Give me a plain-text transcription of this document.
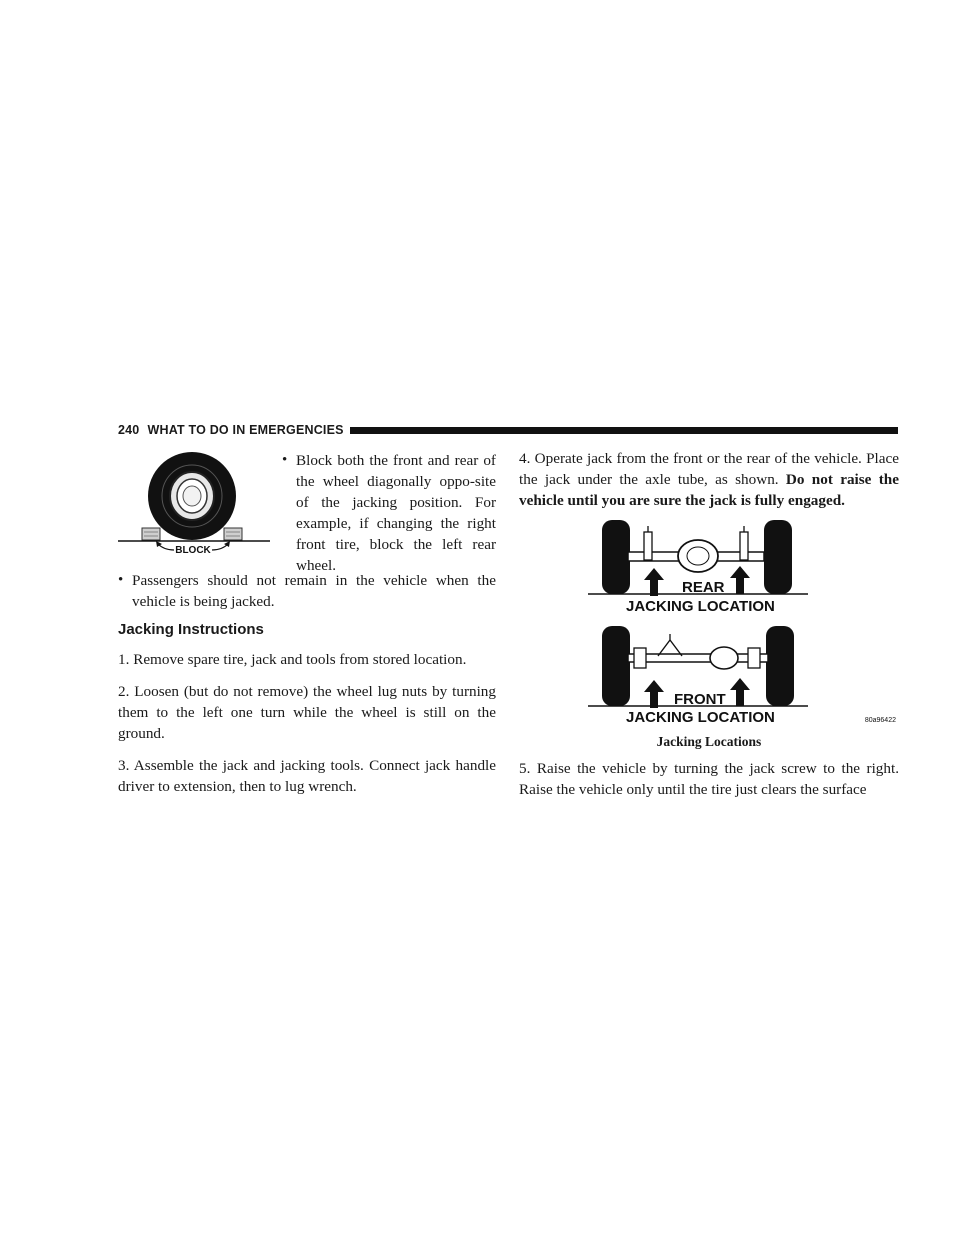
240 WHAT TO DO IN EMERGENCIES
BLOCK
• Block both the front and rear of the wheel diagonally oppo-site of the jacking position. For example, if changing the right front tire, block the left rear wheel.
• Passengers should not remain in the vehicle when the vehicle is being jacked.
Jacking Instructions

1. Remove spare tire, jack and tools from stored location.

2. Loosen (but do not remove) the wheel lug nuts by turning them to the left one turn while the wheel is still on the ground.

3. Assemble the jack and jacking tools. Connect jack handle driver to extension, then to lug wrench.

4. Operate jack from the front or the rear of the vehicle. Place the jack under the axle tube, as shown. Do not raise the vehicle until you are sure the jack is fully engaged.
REAR
JACKING LOCATION
FRONT
JACKING LOCATION	80a96422
Jacking Locations
5. Raise the vehicle by turning the jack screw to the right. Raise the vehicle only until the tire just clears the surface
